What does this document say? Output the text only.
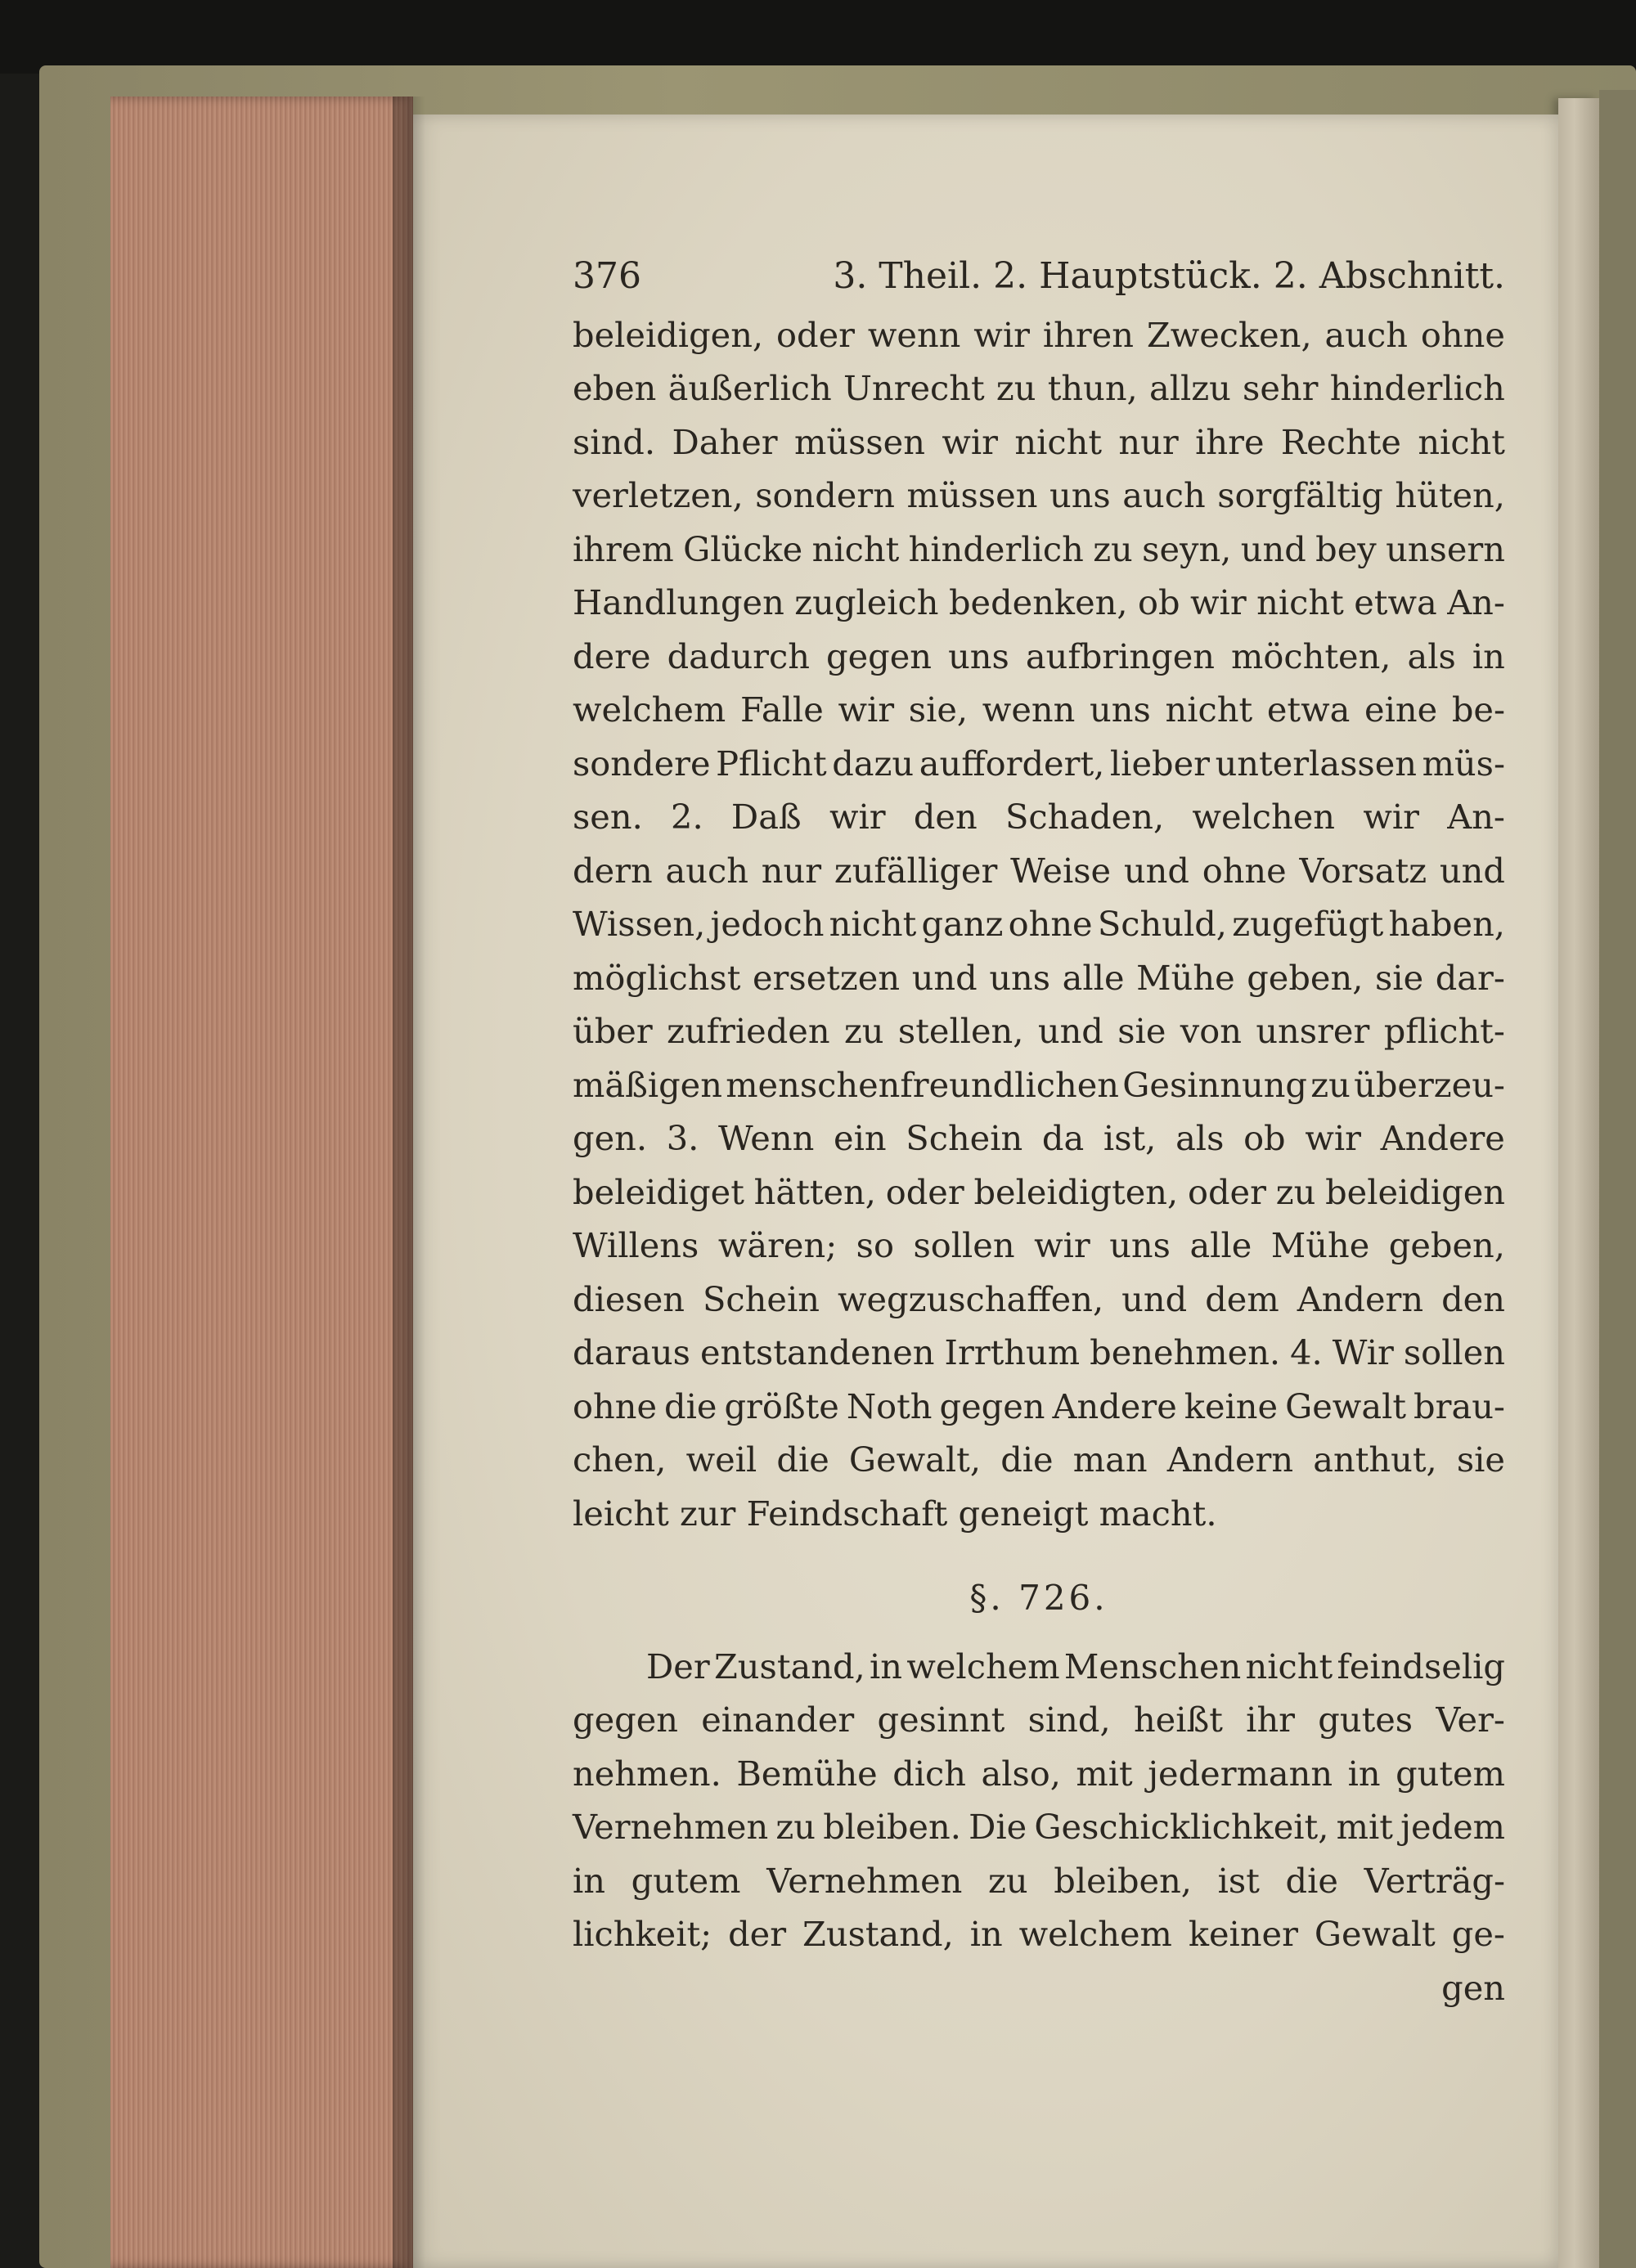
376	3. Theil. 2. Hauptstück. 2. Abschnitt.
beleidigen, oder wenn wir ihren Zwecken, auch ohne
eben äußerlich Unrecht zu thun, allzu sehr hinderlich
sind. Daher müssen wir nicht nur ihre Rechte nicht
verletzen, sondern müssen uns auch sorgfältig hüten,
ihrem Glücke nicht hinderlich zu seyn, und bey unsern
Handlungen zugleich bedenken, ob wir nicht etwa An-
dere dadurch gegen uns aufbringen möchten, als in
welchem Falle wir sie, wenn uns nicht etwa eine be-
sondere Pflicht dazu auffordert, lieber unterlassen müs-
sen. 2. Daß wir den Schaden, welchen wir An-
dern auch nur zufälliger Weise und ohne Vorsatz und
Wissen, jedoch nicht ganz ohne Schuld, zugefügt haben,
möglichst ersetzen und uns alle Mühe geben, sie dar-
über zufrieden zu stellen, und sie von unsrer pflicht-
mäßigen menschenfreundlichen Gesinnung zu überzeu-
gen. 3. Wenn ein Schein da ist, als ob wir Andere
beleidiget hätten, oder beleidigten, oder zu beleidigen
Willens wären; so sollen wir uns alle Mühe geben,
diesen Schein wegzuschaffen, und dem Andern den
daraus entstandenen Irrthum benehmen. 4. Wir sollen
ohne die größte Noth gegen Andere keine Gewalt brau-
chen, weil die Gewalt, die man Andern anthut, sie
leicht zur Feindschaft geneigt macht.
§. 726.
Der Zustand, in welchem Menschen nicht feindselig
gegen einander gesinnt sind, heißt ihr gutes Ver-
nehmen. Bemühe dich also, mit jedermann in gutem
Vernehmen zu bleiben. Die Geschicklichkeit, mit jedem
in gutem Vernehmen zu bleiben, ist die Verträg-
lichkeit; der Zustand, in welchem keiner Gewalt ge-
gen
